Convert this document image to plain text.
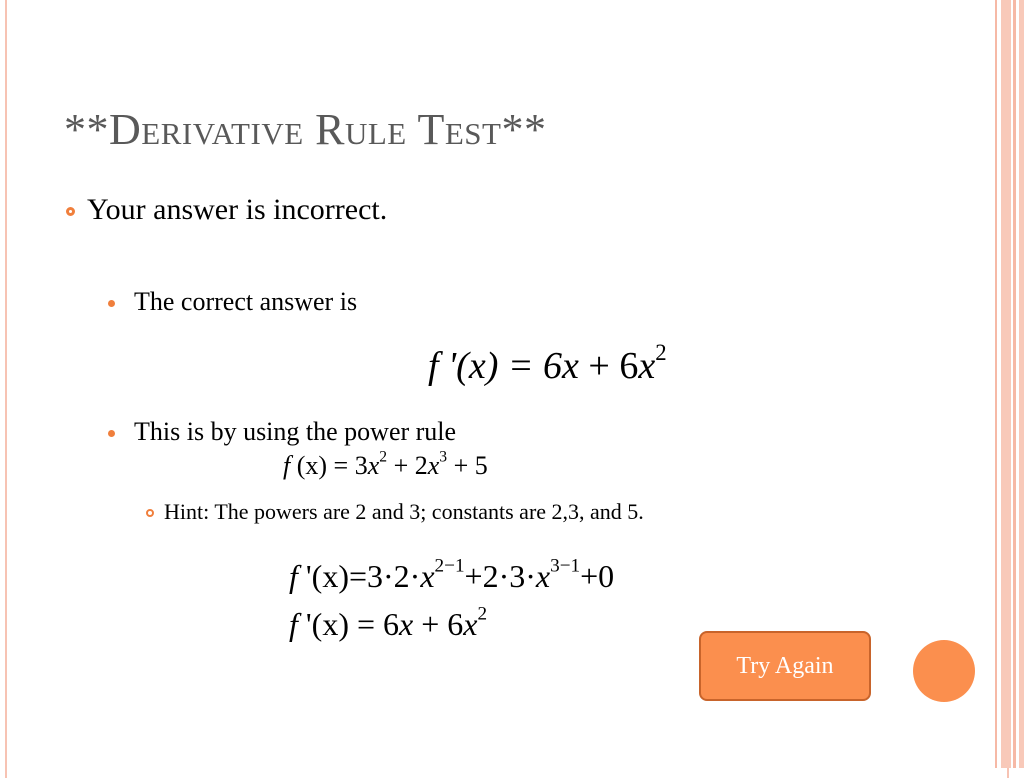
**Derivative Rule Test**
Your answer is incorrect.
The correct answer is
f '$(x) = 6x + 6x^2$
This is by using the power rule
f $(x) = 3x^2 + 2x^3 + 5$
Hint: The powers are 2 and 3; constants are 2,3, and 5.
f '$(x)=3\cdot 2\cdot x^{2-1}+2\cdot 3\cdot x^{3-1}+0$
f '$(x) = 6x + 6x^2$
Try Again
